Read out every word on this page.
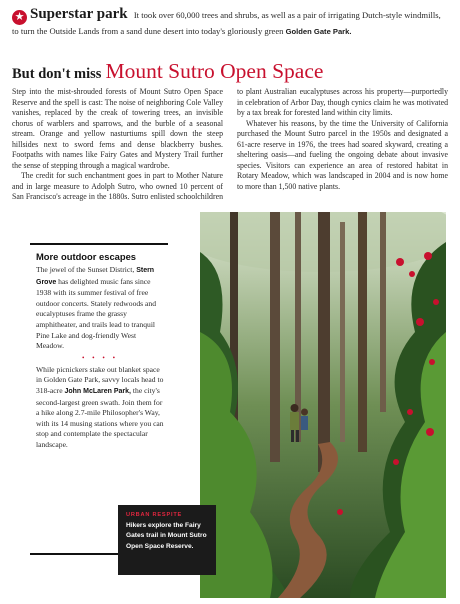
★ Superstar park It took over 60,000 trees and shrubs, as well as a pair of irrigating Dutch-style windmills, to turn the Outside Lands from a sand dune desert into today's gloriously green Golden Gate Park.
But don't miss Mount Sutro Open Space

Step into the mist-shrouded forests of Mount Sutro Open Space Reserve and the spell is cast: The noise of neighboring Cole Valley vanishes, replaced by the creak of towering trees, an invisible chorus of warblers and sparrows, and the burble of a seasonal stream. Orange and yellow nasturtiums spill down the steep hillsides next to sword ferns and dense blackberry bushes. Footpaths with names like Fairy Gates and Mystery Trail further the sense of stepping through a magical wardrobe.

The credit for such enchantment goes in part to Mother Nature and in large measure to Adolph Sutro, who owned 10 percent of San Francisco's acreage in the 1880s. Sutro enlisted schoolchildren to plant Australian eucalyptuses across his property—purportedly in celebration of Arbor Day, though cynics claim he was motivated by a tax break for forested land within city limits.

Whatever his reasons, by the time the University of California purchased the Mount Sutro parcel in the 1950s and designated a 61-acre reserve in 1976, the trees had soared skyward, creating a sheltering oasis—and fueling the ongoing debate about invasive species. Visitors can experience an area of restored habitat in Rotary Meadow, which was landscaped in 2004 and is now home to more than 1,500 native plants.

More outdoor escapes

The jewel of the Sunset District, Stern Grove has delighted music fans since 1938 with its summer festival of free outdoor concerts. Stately redwoods and eucalyptuses frame the grassy amphitheater, and trails lead to tranquil Pine Lake and dog-friendly West Meadow.

• • • •

While picnickers stake out blanket space in Golden Gate Park, savvy locals head to 318-acre John McLaren Park, the city's second-largest green swath. Join them for a hike along 2.7-mile Philosopher's Way, with its 14 musing stations where you can stop and contemplate the spectacular landscape.

URBAN RESPITE
Hikers explore the Fairy Gates trail in Mount Sutro Open Space Reserve.
